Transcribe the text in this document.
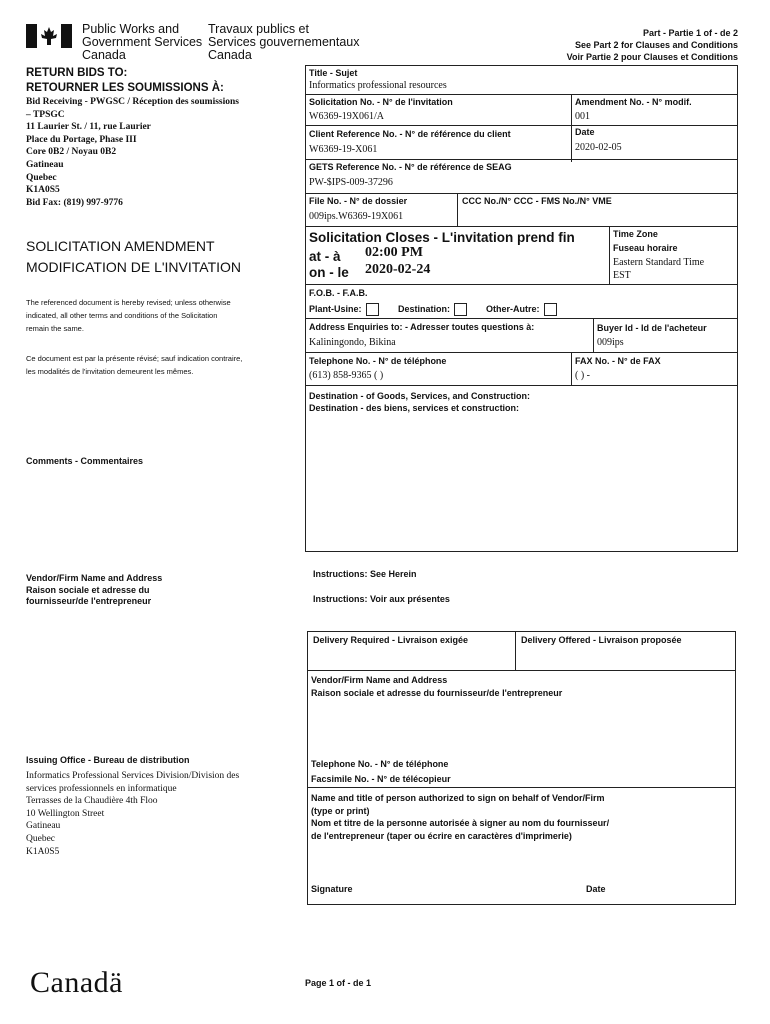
Public Works and
Government Services
Canada
Travaux publics et
Services gouvernementaux
Canada
Part - Partie 1 of - de 2
See Part 2 for Clauses and Conditions
Voir Partie 2 pour Clauses et Conditions
RETURN BIDS TO:
RETOURNER LES SOUMISSIONS À:
Bid Receiving - PWGSC / Réception des soumissions
– TPSGC
11 Laurier St. / 11, rue Laurier
Place du Portage, Phase III
Core 0B2 / Noyau 0B2
Gatineau
Quebec
K1A0S5
Bid Fax: (819) 997-9776
SOLICITATION AMENDMENT
MODIFICATION DE L'INVITATION
The referenced document is hereby revised; unless otherwise
indicated, all other terms and conditions of the Solicitation
remain the same.
Ce document est par la présente révisé; sauf indication contraire,
les modalités de l'invitation demeurent les mêmes.
Comments - Commentaires
Vendor/Firm Name and Address
Raison sociale et adresse du
fournisseur/de l'entrepreneur
Issuing Office - Bureau de distribution
Informatics Professional Services Division/Division des
services professionnels en informatique
Terrasses de la Chaudière 4th Floo
10 Wellington Street
Gatineau
Quebec
K1A0S5
Title - Sujet
Informatics professional resources
Solicitation No. - N° de l'invitation
W6369-19X061/A
Amendment No. - N° modif.
001
Client Reference No. - N° de référence du client
W6369-19-X061
Date
2020-02-05
GETS Reference No. - N° de référence de SEAG
PW-$IPS-009-37296
File No. - N° de dossier
009ips.W6369-19X061
CCC No./N° CCC - FMS No./N° VME
Solicitation Closes - L'invitation prend fin
at - à 02:00 PM
on - le 2020-02-24
Time Zone
Fuseau horaire
Eastern Standard Time
EST
F.O.B. - F.A.B.
Plant-Usine:	Destination:	Other-Autre:
Address Enquiries to: - Adresser toutes questions à:
Kaliningondo, Bikina
Buyer Id - Id de l'acheteur
009ips
Telephone No. - N° de téléphone
(613) 858-9365 ( )
FAX No. - N° de FAX
( ) -
Destination - of Goods, Services, and Construction:
Destination - des biens, services et construction:
Instructions: See Herein
Instructions: Voir aux présentes
Delivery Required - Livraison exigée	Delivery Offered - Livraison proposée
Vendor/Firm Name and Address
Raison sociale et adresse du fournisseur/de l'entrepreneur
Telephone No. - N° de téléphone
Facsimile No. - N° de télécopieur
Name and title of person authorized to sign on behalf of Vendor/Firm
(type or print)
Nom et titre de la personne autorisée à signer au nom du fournisseur/
de l'entrepreneur (taper ou écrire en caractères d'imprimerie)
Signature	Date
Canadä	Page 1 of - de 1
